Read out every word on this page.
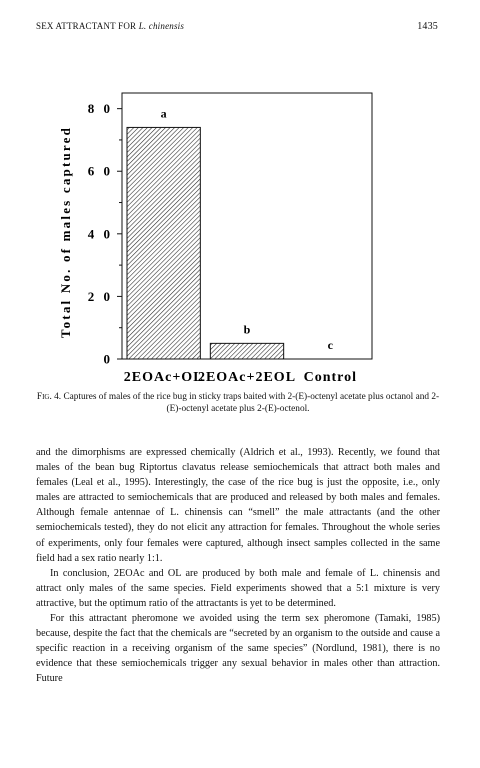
SEX ATTRACTANT FOR L. chinensis	1435
0
2 0
4 0
6 0
8 0
Total No. of males captured
a
2EOAc+OL
b
2EOAc+2EOL
c
Control
Fig. 4. Captures of males of the rice bug in sticky traps baited with 2-(E)-octenyl acetate plus octanol and 2-(E)-octenyl acetate plus 2-(E)-octenol.

and the dimorphisms are expressed chemically (Aldrich et al., 1993). Recently, we found that males of the bean bug Riptortus clavatus release semiochemicals that attract both males and females (Leal et al., 1995). Interestingly, the case of the rice bug is just the opposite, i.e., only males are attracted to semiochemicals that are produced and released by both males and females. Although female antennae of L. chinensis can “smell” the male attractants (and the other semiochemicals tested), they do not elicit any attraction for females. Throughout the whole series of experiments, only four females were captured, although insect samples collected in the same field had a sex ratio nearly 1:1.

In conclusion, 2EOAc and OL are produced by both male and female of L. chinensis and attract only males of the same species. Field experiments showed that a 5:1 mixture is very attractive, but the optimum ratio of the attractants is yet to be determined.

For this attractant pheromone we avoided using the term sex pheromone (Tamaki, 1985) because, despite the fact that the chemicals are “secreted by an organism to the outside and cause a specific reaction in a receiving organism of the same species” (Nordlund, 1981), there is no evidence that these semiochemicals trigger any sexual behavior in males other than attraction. Future
